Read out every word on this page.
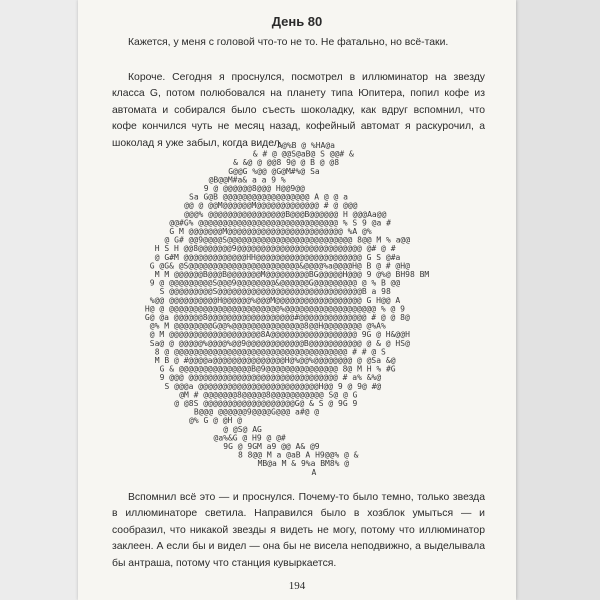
День 80

Кажется, у меня с головой что-то не то. Не фатально, но всё-таки.

Короче. Сегодня я проснулся, посмотрел в иллюминатор на звезду класса G, потом полюбовался на планету типа Юпитера, попил кофе из автомата и собирался было съесть шоколадку, как вдруг вспомнил, что кофе кончился чуть не месяц назад, кофейный автомат я раскурочил, а шоколад я уже забыл, когда видел.

A@%B @ %HA@a
& # @ @@S@aB@ S @@# &
& &@ @ @@8 9@ @ B @ @8
G@@G %@@ @G@M#%@ Sa
@B@@M#a& a a 9 %
9 @ @@@@@@8@@@ H@@9@@
Sa G@B @@@@@@@@@@@@@@@@@@ A @ @ a
@@ @ @@M@@@@@@M@@@@@@@@@@@@@ # @ @@@
@@@% @@@@@@@@@@@@@@@@B@@@B@@@@@@ H @@@Aa@@
@@#G% @@@@@@@@@@@@@@@@@@@@@@@@@@@@@ % S 9 @a #
G M @@@@@@@M@@@@@@@@@@@@@@@@@@@@@@@@ %A @%
@ G# @@9@@@@S@@@@@@@@@@@@@@@@@@@@@@@@@@ 8@@ M % a@@
H S H @@8@@@@@@@9@@@@@@@@@@@@@@@@@@@@@@@@@@ @# @ #
@ G#M @@@@@@@@@@@@@HH@@@@@@@@@@@@@@@@@@@@@@ G S @#a
G @G& @S@@@@@@@@@@@@@@@@@@@@@@@&@@@@%a@@@@H@ B @ # @H@
M M @@@@@@B@@@B@@@@@@@M@@@@@@@@@BG@@@@@H@@@ 9 @%@ BH98 BM
9 @ @@@@@@@@@S@@@9@@@@@@@@&@@@@@@G@@@@@@@@@ @ % B @@
S @@@@@@@@@S@@@@@@@@@@@@@@@@@@@@@@@@@@@@@@B a 98
%@@ @@@@@@@@@@H@@@@@@%@@@M@@@@@@@@@@@@@@@@@@ G H@@ A
H@ @ @@@@@@@@@@@@@@@@@@@@@@@%@@@@@@@@@@@@@@@@@@@ % @ 9
G@ @a @@@@@@8@@@@@@@@@@@@@@@@@@#@@@@@@@@@@@@@@ # @ @ 8@
@% M @@@@@@@@G@@%@@@@@@@@@@@@@@@8@@H@@@@@@@@ @%A%
@ M @@@@@@@@@@@@@@@@@@@8A@@@@@@@@@@@@@@@@@@ 9G @ H&@@H
Sa@ @ @@@@@%@@@@%@@9@@@@@@@@@@@@B@@@@@@@@@@@ @ & @ HS@
8 @ @@@@@@@@@@@@@@@@@@@@@@@@@@@@@@@@@@@@ # # @ S
M B @ #@@@@a@@@@@@@@@@@@@@@H@%@@%@@@@@@@@ @ @Sa &@
G & @@@@@@@@@@@@@@@B@9@@@@@@@@@@@@@@@ 8@ M H % #G
9 @@@ @@@@@@@@@@@@@@@@@@@@@@@@@@@@@@@ # a% &%@
S @@@a @@@@@@@@@@@@@@@@@@@@@@@@@H@@ 9 @ 9@ #@
@M # @@@@@@@8@@@@@8@@@@@@@@@@@ S@ @ G
@ @8S @@@@@@@@@@@@@@@@@@@G@ & S @ 9G 9
B@@@ @@@@@@9@@@@G@@@ a#@ @
@% G @ @H @
@ @S@ AG
@a%&G @ H9 @ @#
9G @ 9GM a9 @@ A& @9
8 8@@ M a @aB A H9@@% @ &
MB@a M & 9%a BM8% @
A

Вспомнил всё это — и проснулся. Почему-то было темно, только звезда в иллюминаторе светила. Направился было в хозблок умыться — и сообразил, что никакой звезды я видеть не могу, потому что иллюминатор заклеен. А если бы и видел — она бы не висела неподвижно, а выделывала бы антраша, потому что станция кувыркается.

194
